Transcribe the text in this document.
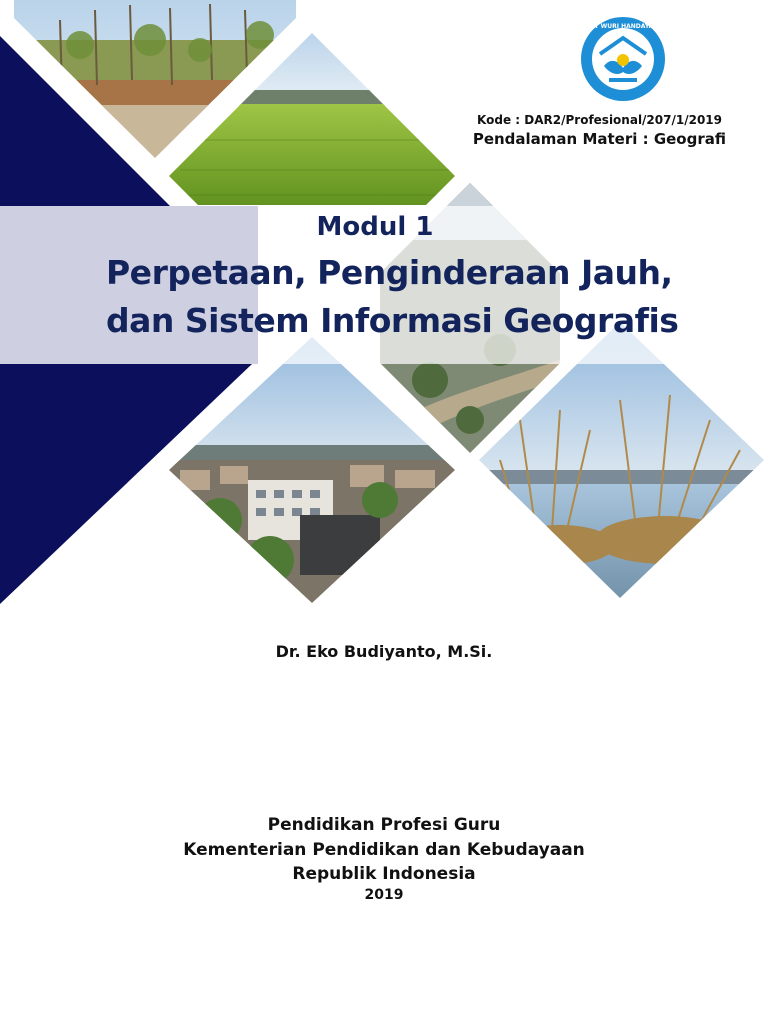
TUT WURI HANDAYANI
Kode : DAR2/Profesional/207/1/2019
Pendalaman Materi : Geografi
Modul 1
Perpetaan, Penginderaan Jauh,
dan Sistem Informasi Geografis
Dr. Eko Budiyanto, M.Si.
Pendidikan Profesi Guru
Kementerian Pendidikan dan Kebudayaan
Republik Indonesia
2019
